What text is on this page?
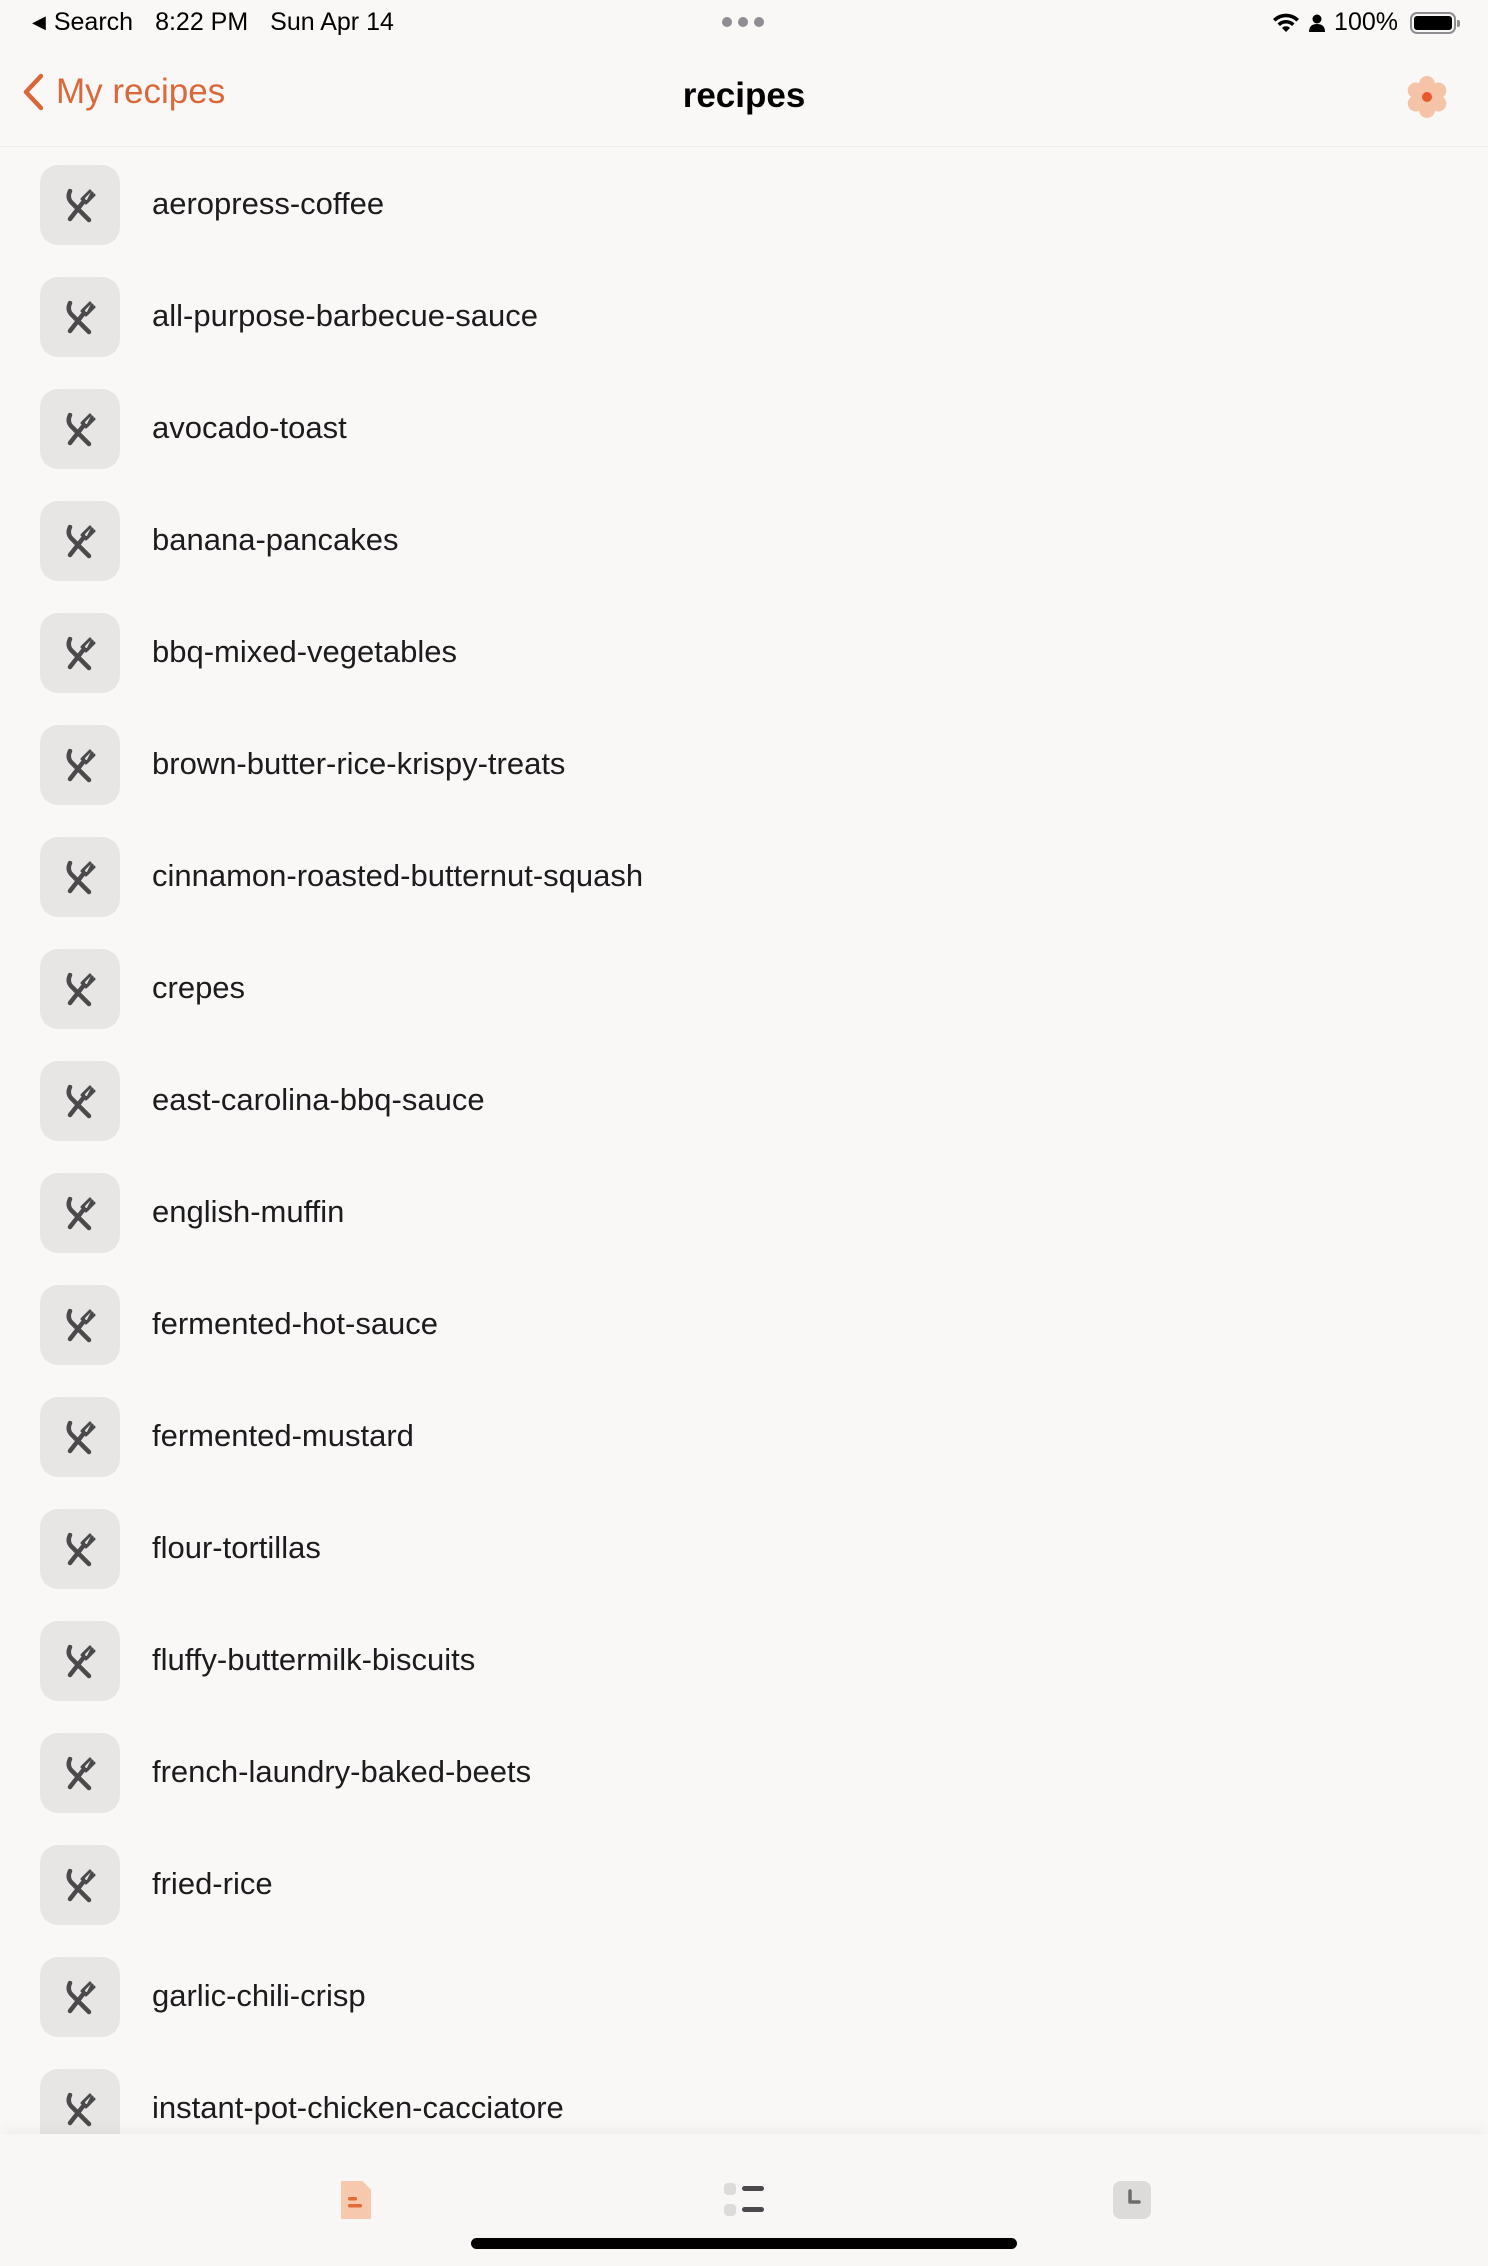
◀ Search 8:22 PM Sun Apr 14	100%
My recipes	recipes
aeropress-coffee
all-purpose-barbecue-sauce
avocado-toast
banana-pancakes
bbq-mixed-vegetables
brown-butter-rice-krispy-treats
cinnamon-roasted-butternut-squash
crepes
east-carolina-bbq-sauce
english-muffin
fermented-hot-sauce
fermented-mustard
flour-tortillas
fluffy-buttermilk-biscuits
french-laundry-baked-beets
fried-rice
garlic-chili-crisp
instant-pot-chicken-cacciatore
